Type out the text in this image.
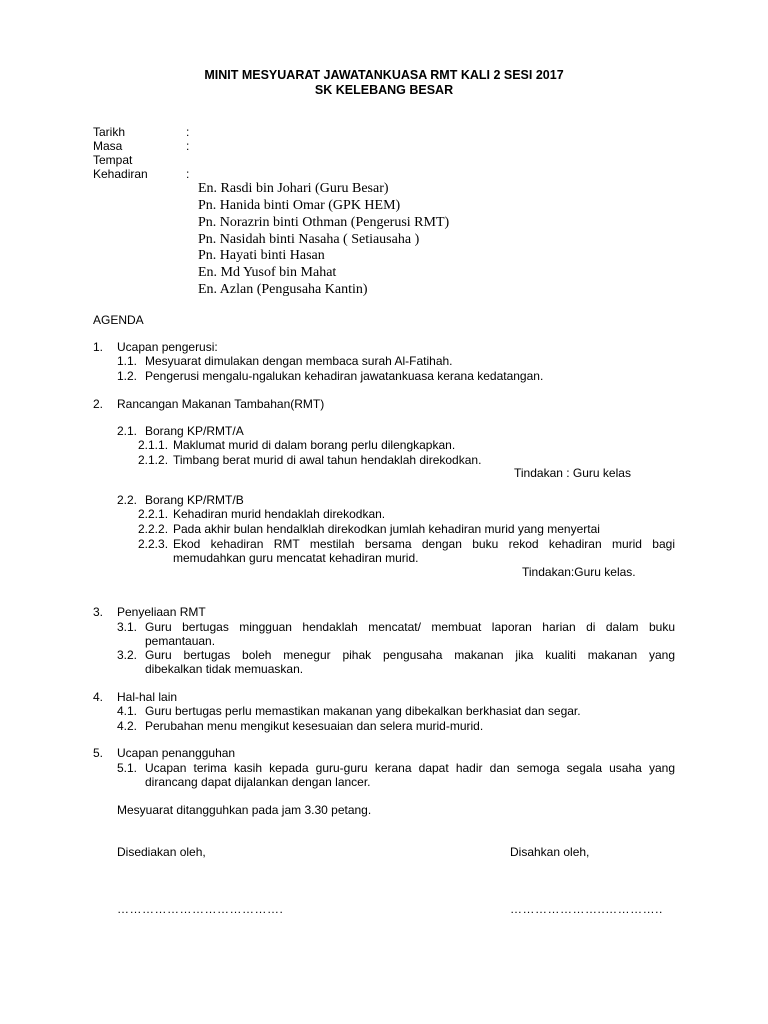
MINIT MESYUARAT JAWATANKUASA RMT KALI 2 SESI 2017
SK KELEBANG BESAR
Tarikh	:
Masa	:
Tempat
Kehadiran	:
En. Rasdi bin Johari (Guru Besar)
Pn. Hanida binti Omar (GPK HEM)
Pn. Norazrin binti Othman (Pengerusi RMT)
Pn. Nasidah binti Nasaha ( Setiausaha )
Pn. Hayati binti Hasan
En. Md Yusof bin Mahat
En. Azlan (Pengusaha Kantin)
AGENDA
1. Ucapan pengerusi:
1.1. Mesyuarat dimulakan dengan membaca surah Al-Fatihah.
1.2. Pengerusi mengalu-ngalukan kehadiran jawatankuasa kerana kedatangan.
2. Rancangan Makanan Tambahan(RMT)
2.1. Borang KP/RMT/A
2.1.1. Maklumat murid di dalam borang perlu dilengkapkan.
2.1.2. Timbang berat murid di awal tahun hendaklah direkodkan.
Tindakan : Guru kelas
2.2. Borang KP/RMT/B
2.2.1. Kehadiran murid hendaklah direkodkan.
2.2.2. Pada akhir bulan hendalklah direkodkan jumlah kehadiran murid yang menyertai
2.2.3. Ekod kehadiran RMT mestilah bersama dengan buku rekod kehadiran murid bagi
memudahkan guru mencatat kehadiran murid.
Tindakan:Guru kelas.
3. Penyeliaan RMT
3.1. Guru bertugas mingguan hendaklah mencatat/ membuat laporan harian di dalam buku
pemantauan.
3.2. Guru bertugas boleh menegur pihak pengusaha makanan jika kualiti makanan yang
dibekalkan tidak memuaskan.
4. Hal-hal lain
4.1. Guru bertugas perlu memastikan makanan yang dibekalkan berkhasiat dan segar.
4.2. Perubahan menu mengikut kesesuaian dan selera murid-murid.
5. Ucapan penangguhan
5.1. Ucapan terima kasih kepada guru-guru kerana dapat hadir dan semoga segala usaha yang
dirancang dapat dijalankan dengan lancer.
Mesyuarat ditangguhkan pada jam 3.30 petang.
Disediakan oleh,	Disahkan oleh,
………………………………….	…………………..…………..
